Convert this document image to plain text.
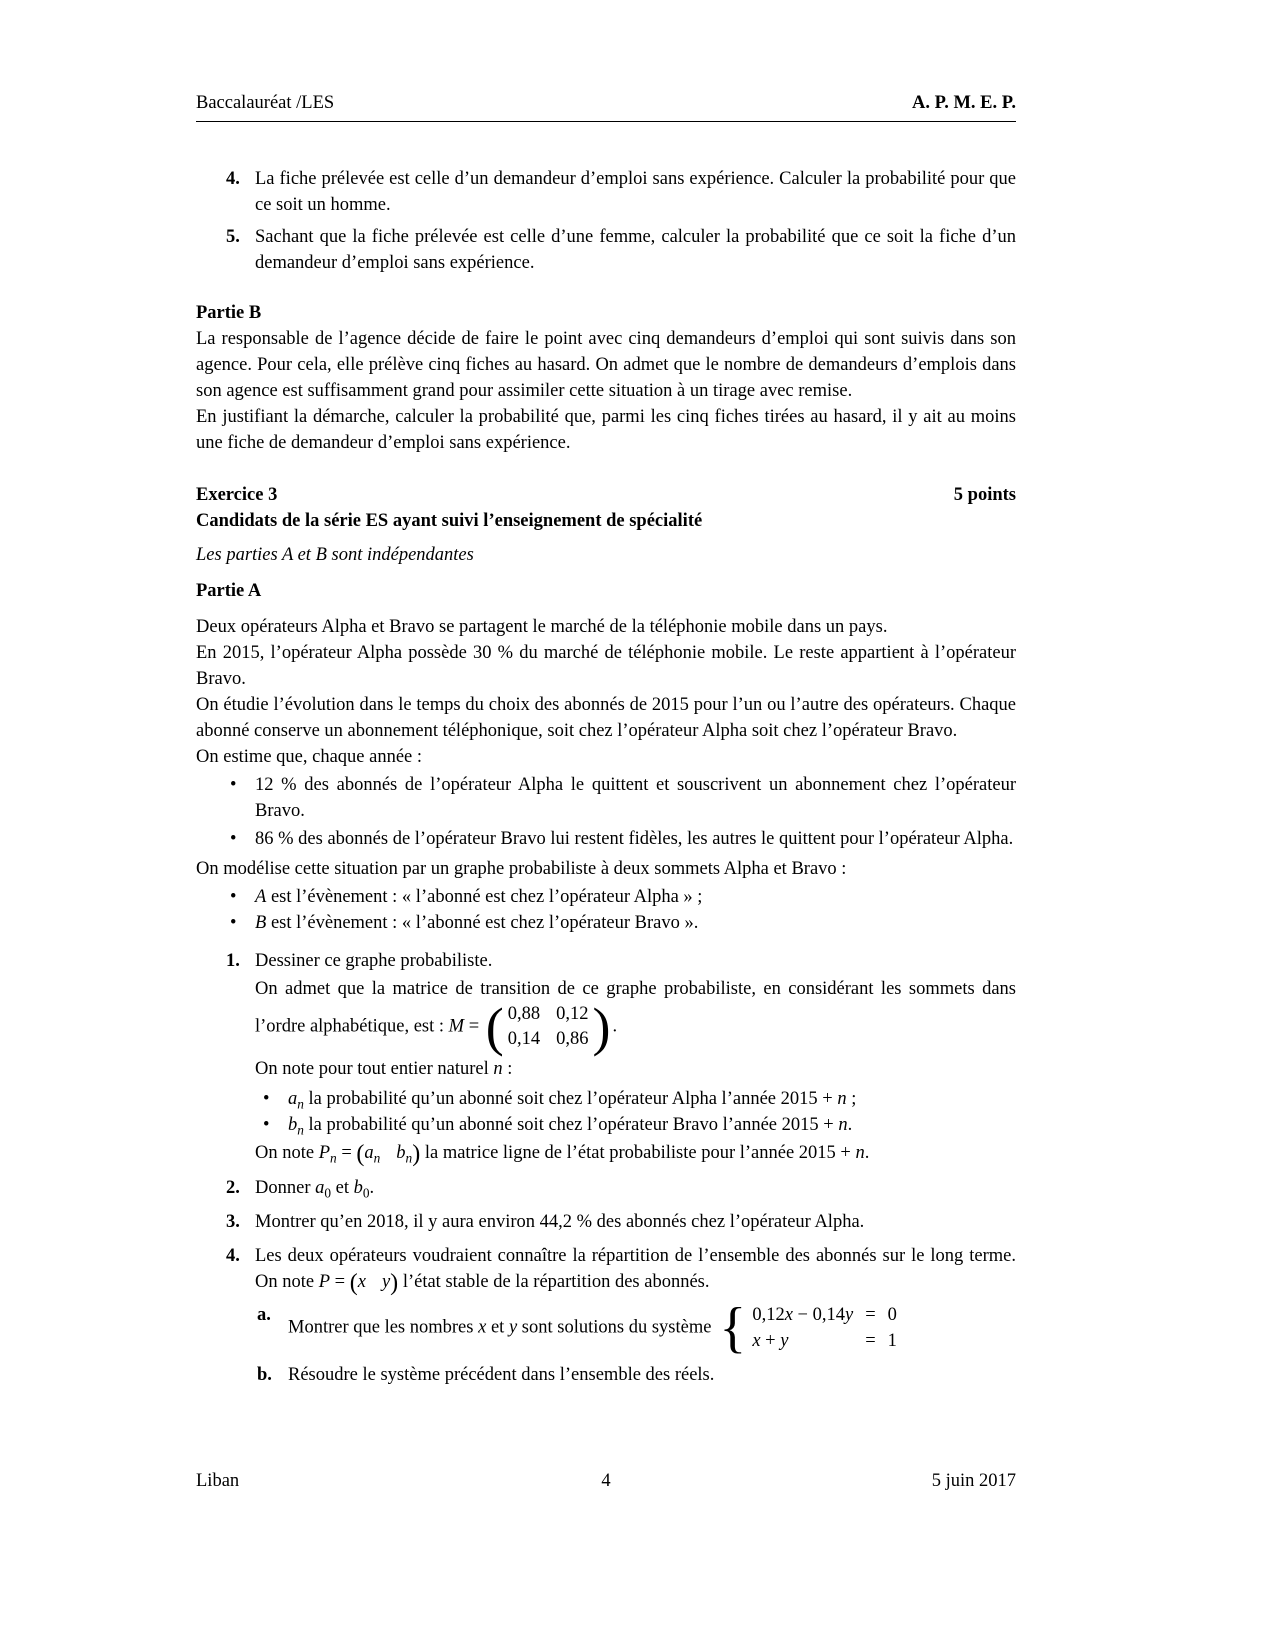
Baccalauréat /LES	A. P. M. E. P.
4. La fiche prélevée est celle d’un demandeur d’emploi sans expérience. Calculer la probabilité pour que ce soit un homme.
5. Sachant que la fiche prélevée est celle d’une femme, calculer la probabilité que ce soit la fiche d’un demandeur d’emploi sans expérience.
Partie B

La responsable de l’agence décide de faire le point avec cinq demandeurs d’emploi qui sont suivis dans son agence. Pour cela, elle prélève cinq fiches au hasard. On admet que le nombre de demandeurs d’emplois dans son agence est suffisamment grand pour assimiler cette situation à un tirage avec remise.

En justifiant la démarche, calculer la probabilité que, parmi les cinq fiches tirées au hasard, il y ait au moins une fiche de demandeur d’emploi sans expérience.

Exercice 3	5 points
Candidats de la série ES ayant suivi l’enseignement de spécialité
Les parties A et B sont indépendantes
Partie A

Deux opérateurs Alpha et Bravo se partagent le marché de la téléphonie mobile dans un pays.

En 2015, l’opérateur Alpha possède 30 % du marché de téléphonie mobile. Le reste appartient à l’opérateur Bravo.

On étudie l’évolution dans le temps du choix des abonnés de 2015 pour l’un ou l’autre des opérateurs. Chaque abonné conserve un abonnement téléphonique, soit chez l’opérateur Alpha soit chez l’opérateur Bravo.

On estime que, chaque année :

• 12 % des abonnés de l’opérateur Alpha le quittent et souscrivent un abonnement chez l’opérateur Bravo.
• 86 % des abonnés de l’opérateur Bravo lui restent fidèles, les autres le quittent pour l’opérateur Alpha.

On modélise cette situation par un graphe probabiliste à deux sommets Alpha et Bravo :

• A est l’évènement : « l’abonné est chez l’opérateur Alpha » ;
• B est l’évènement : « l’abonné est chez l’opérateur Bravo ».
1. Dessiner ce graphe probabiliste.

On admet que la matrice de transition de ce graphe probabiliste, en considérant les sommets dans l’ordre alphabétique, est : M = ( 0,88 0,12
0,14 0,86 ) .

On note pour tout entier naturel n :

• $a_n$ la probabilité qu’un abonné soit chez l’opérateur Alpha l’année 2015 + n ;
• $b_n$ la probabilité qu’un abonné soit chez l’opérateur Bravo l’année 2015 + n.

On note $P_n = (a_n$ $b_n$) la matrice ligne de l’état probabiliste pour l’année 2015 + n.

2. Donner $a_0$ et $b_0$.
3. Montrer qu’en 2018, il y aura environ 44,2 % des abonnés chez l’opérateur Alpha.
4. Les deux opérateurs voudraient connaître la répartition de l’ensemble des abonnés sur le long terme. On note P = (x y) l’état stable de la répartition des abonnés.
a.
Montrer que les nombres x et y sont solutions du système { 0,12x − 0,14y = 0
x + y	= 1
b. Résoudre le système précédent dans l’ensemble des réels.
Liban	4	5 juin 2017
